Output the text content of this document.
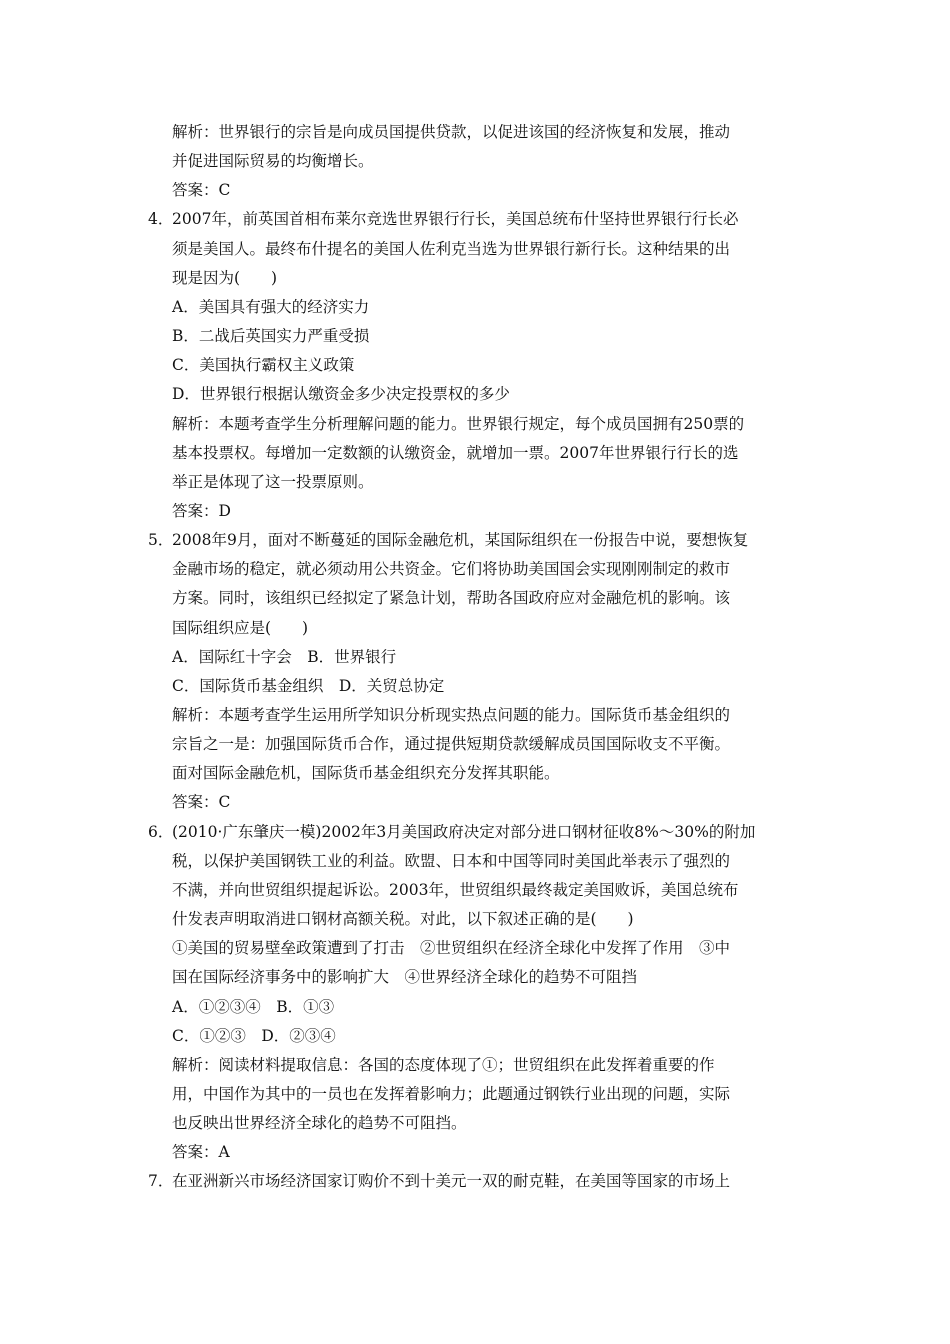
解析：世界银行的宗旨是向成员国提供贷款，以促进该国的经济恢复和发展，推动
并促进国际贸易的均衡增长。
答案：C
4．
2007年，前英国首相布莱尔竞选世界银行行长，美国总统布什坚持世界银行行长必
须是美国人。最终布什提名的美国人佐利克当选为世界银行新行长。这种结果的出
现是因为(　　)
A．美国具有强大的经济实力
B．二战后英国实力严重受损
C．美国执行霸权主义政策
D．世界银行根据认缴资金多少决定投票权的多少
解析：本题考查学生分析理解问题的能力。世界银行规定，每个成员国拥有250票的
基本投票权。每增加一定数额的认缴资金，就增加一票。2007年世界银行行长的选
举正是体现了这一投票原则。
答案：D
5．
2008年9月，面对不断蔓延的国际金融危机，某国际组织在一份报告中说，要想恢复
金融市场的稳定，就必须动用公共资金。它们将协助美国国会实现刚刚制定的救市
方案。同时，该组织已经拟定了紧急计划，帮助各国政府应对金融危机的影响。该
国际组织应是(　　)
A．国际红十字会　B．世界银行
C．国际货币基金组织　D．关贸总协定
解析：本题考查学生运用所学知识分析现实热点问题的能力。国际货币基金组织的
宗旨之一是：加强国际货币合作，通过提供短期贷款缓解成员国国际收支不平衡。
面对国际金融危机，国际货币基金组织充分发挥其职能。
答案：C
6．
(2010·广东肇庆一模)2002年3月美国政府决定对部分进口钢材征收8%～30%的附加
税，以保护美国钢铁工业的利益。欧盟、日本和中国等同时美国此举表示了强烈的
不满，并向世贸组织提起诉讼。2003年，世贸组织最终裁定美国败诉，美国总统布
什发表声明取消进口钢材高额关税。对此，以下叙述正确的是(　　)
①美国的贸易壁垒政策遭到了打击　②世贸组织在经济全球化中发挥了作用　③中
国在国际经济事务中的影响扩大　④世界经济全球化的趋势不可阻挡
A．①②③④　B．①③
C．①②③　D．②③④
解析：阅读材料提取信息：各国的态度体现了①；世贸组织在此发挥着重要的作
用，中国作为其中的一员也在发挥着影响力；此题通过钢铁行业出现的问题，实际
也反映出世界经济全球化的趋势不可阻挡。
答案：A
7．
在亚洲新兴市场经济国家订购价不到十美元一双的耐克鞋，在美国等国家的市场上
